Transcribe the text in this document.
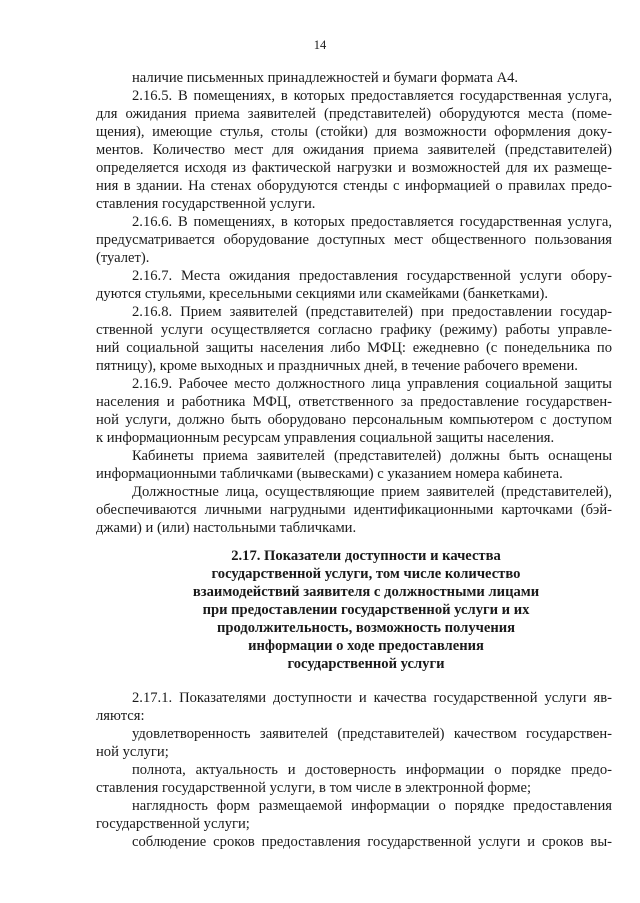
14
наличие письменных принадлежностей и бумаги формата А4.
2.16.5. В помещениях, в которых предоставляется государственная услуга,
для ожидания приема заявителей (представителей) оборудуются места (поме-
щения), имеющие стулья, столы (стойки) для возможности оформления доку-
ментов. Количество мест для ожидания приема заявителей (представителей)
определяется исходя из фактической нагрузки и возможностей для их размеще-
ния в здании. На стенах оборудуются стенды с информацией о правилах предо-
ставления государственной услуги.
2.16.6. В помещениях, в которых предоставляется государственная услуга,
предусматривается оборудование доступных мест общественного пользования
(туалет).
2.16.7. Места ожидания предоставления государственной услуги обору-
дуются стульями, кресельными секциями или скамейками (банкетками).
2.16.8. Прием заявителей (представителей) при предоставлении государ-
ственной услуги осуществляется согласно графику (режиму) работы управле-
ний социальной защиты населения либо МФЦ: ежедневно (с понедельника по
пятницу), кроме выходных и праздничных дней, в течение рабочего времени.
2.16.9. Рабочее место должностного лица управления социальной защиты
населения и работника МФЦ, ответственного за предоставление государствен-
ной услуги, должно быть оборудовано персональным компьютером с доступом
к информационным ресурсам управления социальной защиты населения.
Кабинеты приема заявителей (представителей) должны быть оснащены
информационными табличками (вывесками) с указанием номера кабинета.
Должностные лица, осуществляющие прием заявителей (представителей),
обеспечиваются личными нагрудными идентификационными карточками (бэй-
джами) и (или) настольными табличками.
2.17. Показатели доступности и качества
государственной услуги, том числе количество
взаимодействий заявителя с должностными лицами
при предоставлении государственной услуги и их
продолжительность, возможность получения
информации о ходе предоставления
государственной услуги
2.17.1. Показателями доступности и качества государственной услуги яв-
ляются:
удовлетворенность заявителей (представителей) качеством государствен-
ной услуги;
полнота, актуальность и достоверность информации о порядке предо-
ставления государственной услуги, в том числе в электронной форме;
наглядность форм размещаемой информации о порядке предоставления
государственной услуги;
соблюдение сроков предоставления государственной услуги и сроков вы-
